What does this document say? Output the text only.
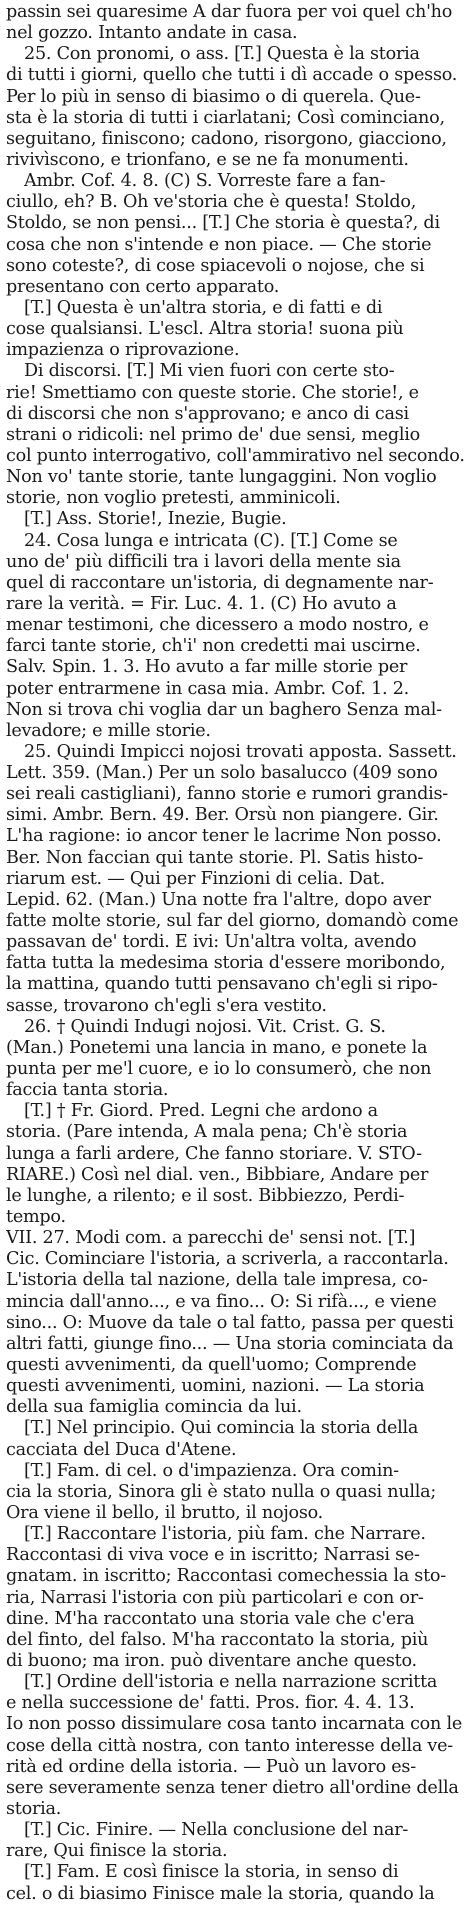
passin sei quaresime A dar fuora per voi quel ch'ho
nel gozzo. Intanto andate in casa.
25. Con pronomi, o ass. [T.] Questa è la storia
di tutti i giorni, quello che tutti i dì accade o spesso.
Per lo più in senso di biasimo o di querela. Que-
sta è la storia di tutti i ciarlatani; Così cominciano,
seguitano, finiscono; cadono, risorgono, giacciono,
rivivìscono, e trionfano, e se ne fa monumenti.
Ambr. Cof. 4. 8. (C) S. Vorreste fare a fan-
ciullo, eh? B. Oh ve'storia che è questa! Stoldo,
Stoldo, se non pensi... [T.] Che storia è questa?, di
cosa che non s'intende e non piace. — Che storie
sono coteste?, di cose spiacevoli o nojose, che si
presentano con certo apparato.
[T.] Questa è un'altra storia, e di fatti e di
cose qualsiansi. L'escl. Altra storia! suona più
impazienza o riprovazione.
Di discorsi. [T.] Mi vien fuori con certe sto-
rie! Smettiamo con queste storie. Che storie!, e
di discorsi che non s'approvano; e anco di casi
strani o ridicoli: nel primo de' due sensi, meglio
col punto interrogativo, coll'ammirativo nel secondo.
Non vo' tante storie, tante lungaggini. Non voglio
storie, non voglio pretesti, amminicoli.
[T.] Ass. Storie!, Inezie, Bugie.
24. Cosa lunga e intricata (C). [T.] Come se
uno de' più difficili tra i lavori della mente sia
quel di raccontare un'istoria, di degnamente nar-
rare la verità. = Fir. Luc. 4. 1. (C) Ho avuto a
menar testimoni, che dicessero a modo nostro, e
farci tante storie, ch'i' non credetti mai uscirne.
Salv. Spin. 1. 3. Ho avuto a far mille storie per
poter entrarmene in casa mia. Ambr. Cof. 1. 2.
Non si trova chi voglia dar un baghero Senza mal-
levadore; e mille storie.
25. Quindi Impicci nojosi trovati apposta. Sassett.
Lett. 359. (Man.) Per un solo basalucco (409 sono
sei reali castigliani), fanno storie e rumori grandis-
simi. Ambr. Bern. 49. Ber. Orsù non piangere. Gir.
L'ha ragione: io ancor tener le lacrime Non posso.
Ber. Non faccian qui tante storie. Pl. Satis histo-
riarum est. — Qui per Finzioni di celia. Dat.
Lepid. 62. (Man.) Una notte fra l'altre, dopo aver
fatte molte storie, sul far del giorno, domandò come
passavan de' tordi. E ivi: Un'altra volta, avendo
fatta tutta la medesima storia d'essere moribondo,
la mattina, quando tutti pensavano ch'egli si ripo-
sasse, trovarono ch'egli s'era vestito.
26. † Quindi Indugi nojosi. Vit. Crist. G. S.
(Man.) Ponetemi una lancia in mano, e ponete la
punta per me'l cuore, e io lo consumerò, che non
faccia tanta storia.
[T.] † Fr. Giord. Pred. Legni che ardono a
storia. (Pare intenda, A mala pena; Ch'è storia
lunga a farli ardere, Che fanno storiare. V. STO-
RIARE.) Così nel dial. ven., Bibbiare, Andare per
le lunghe, a rilento; e il sost. Bibbiezzo, Perdi-
tempo.
VII. 27. Modi com. a parecchi de' sensi not. [T.]
Cic. Cominciare l'istoria, a scriverla, a raccontarla.
L'istoria della tal nazione, della tale impresa, co-
mincia dall'anno..., e va fino... O: Si rifà..., e viene
sino... O: Muove da tale o tal fatto, passa per questi
altri fatti, giunge fino... — Una storia cominciata da
questi avvenimenti, da quell'uomo; Comprende
questi avvenimenti, uomini, nazioni. — La storia
della sua famiglia comincia da lui.
[T.] Nel principio. Qui comincia la storia della
cacciata del Duca d'Atene.
[T.] Fam. di cel. o d'impazienza. Ora comin-
cia la storia, Sinora gli è stato nulla o quasi nulla;
Ora viene il bello, il brutto, il nojoso.
[T.] Raccontare l'istoria, più fam. che Narrare.
Raccontasi di viva voce e in iscritto; Narrasi se-
gnatam. in iscritto; Raccontasi comechessia la sto-
ria, Narrasi l'istoria con più particolari e con or-
dine. M'ha raccontato una storia vale che c'era
del finto, del falso. M'ha raccontato la storia, più
di buono; ma iron. può diventare anche questo.
[T.] Ordine dell'istoria e nella narrazione scritta
e nella successione de' fatti. Pros. fior. 4. 4. 13.
Io non posso dissimulare cosa tanto incarnata con le
cose della città nostra, con tanto interesse della ve-
rità ed ordine della istoria. — Può un lavoro es-
sere severamente senza tener dietro all'ordine della
storia.
[T.] Cic. Finire. — Nella conclusione del nar-
rare, Qui finisce la storia.
[T.] Fam. E così finisce la storia, in senso di
cel. o di biasimo Finisce male la storia, quando la
